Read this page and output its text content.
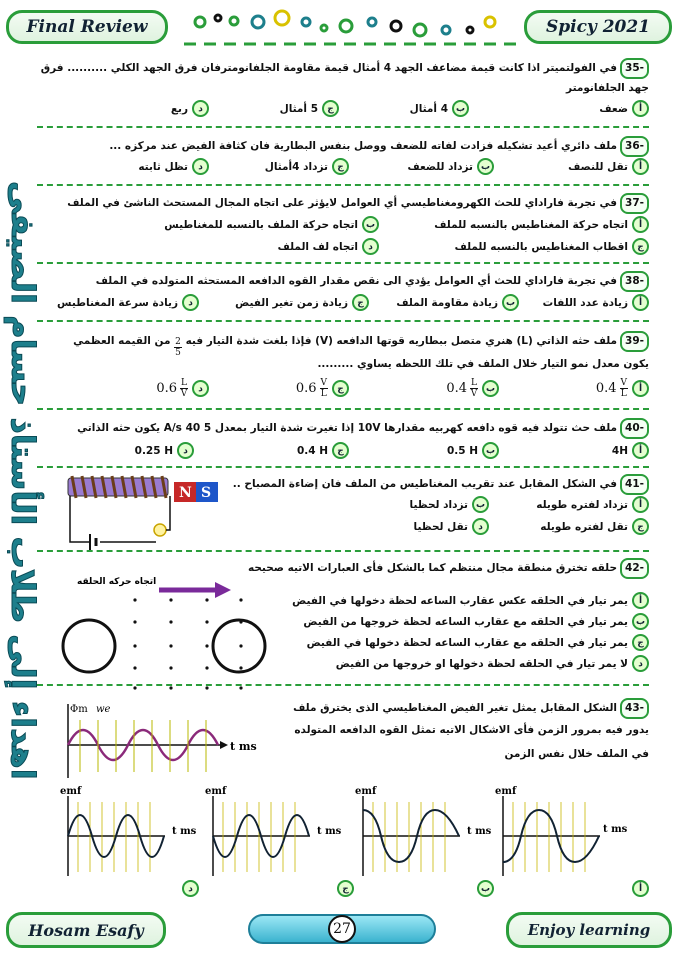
Final Review	Spicy 2021
اهداء إلى طلاب الأستاذ حسام الصيفى
35-في الفولتميتر اذا كانت قيمة مضاعف الجهد 4 أمثال قيمة مقاومة الجلفانومترفان فرق الجهد الكلي .......... فرق
جهد الجلفانومتر
أ
ضعف
ب
4 أمثال
ج
5 أمثال
د
ربع
36-ملف دائري أعيد تشكيله فزادت لفاته للضعف ووصل بنفس البطارية فان كثافة الفيض عند مركزه ...
أ
تقل للنصف
ب
تزداد للضعف
ج
تزداد 4أمثال
د
تظل ثابته
37-في تجربة فاراداي للحث الكهرومغناطيسي أي العوامل لايؤثر على اتجاه المجال المستحث الناشئ في الملف
أ
اتجاه حركة المغناطيس بالنسبه للملف
ب
اتجاه حركة الملف بالنسبه للمغناطيس
ج
اقطاب المغناطيس بالنسبه للملف
د
اتجاه لف الملف
38-في تجربة فاراداي للحث أي العوامل يؤدي الى نقص مقدار القوه الدافعه المستحثه المتولده في الملف
أ
زيادة عدد اللفات
ب
زيادة مقاومة الملف
ج
زيادة زمن تغير الفيض
د
زيادة سرعة المغناطيس
39-ملف حثه الذاتي (L) هنري متصل ببطاريه قوتها الدافعه (V) فإذا بلغت شدة التيار فيه
$\frac{2}{5}$
من القيمه العظمي
يكون معدل نمو التيار خلال الملف في تلك اللحظه يساوي .........
أ
$0.4 \frac{V}{L}$
ب
$0.4 \frac{L}{V}$
ج
$0.6 \frac{V}{L}$
د
$0.6 \frac{L}{V}$
40-ملف حث تتولد فيه قوه دافعه كهربيه مقدارها 10V إذا تغيرت شدة التيار بمعدل 5 A/s 40 يكون حثه الذاتي
أ
4H
ب
0.5 H
ج
0.4 H
د
0.25 H
41-في الشكل المقابل عند تقريب المغناطيس من الملف فان إضاءة المصباح ..
أ
تزداد لفتره طويله
ب
تزداد لحظيا
ج
تقل لفتره طويله
د
تقل لحظيا
N S
42-حلقه تخترق منطقة مجال منتظم كما بالشكل فأى العبارات الاتيه صحيحه
أ
يمر تيار في الحلقه عكس عقارب الساعه لحظة دخولها في الفيض
ب
يمر تيار في الحلقه مع عقارب الساعه لحظة خروجها من الفيض
ج
يمر تيار في الحلقه مع عقارب الساعه لحظة دخولها في الفيض
د
لا يمر تيار في الحلقه لحظة دخولها او خروجها من الفيض
اتجاه حركه الحلقه
43-الشكل المقابل يمثل تغير الفيض المغناطيسي الذى يخترق ملف
يدور فيه بمرور الزمن فأى الاشكال الاتيه تمثل القوه الدافعه المتولده
في الملف خلال نفس الزمن
Φm we
t ms
emf
t ms
emf
t ms
emf
t ms
emf
t ms
أ
ب
ج
د
Hosam Esafy	27	Enjoy learning
